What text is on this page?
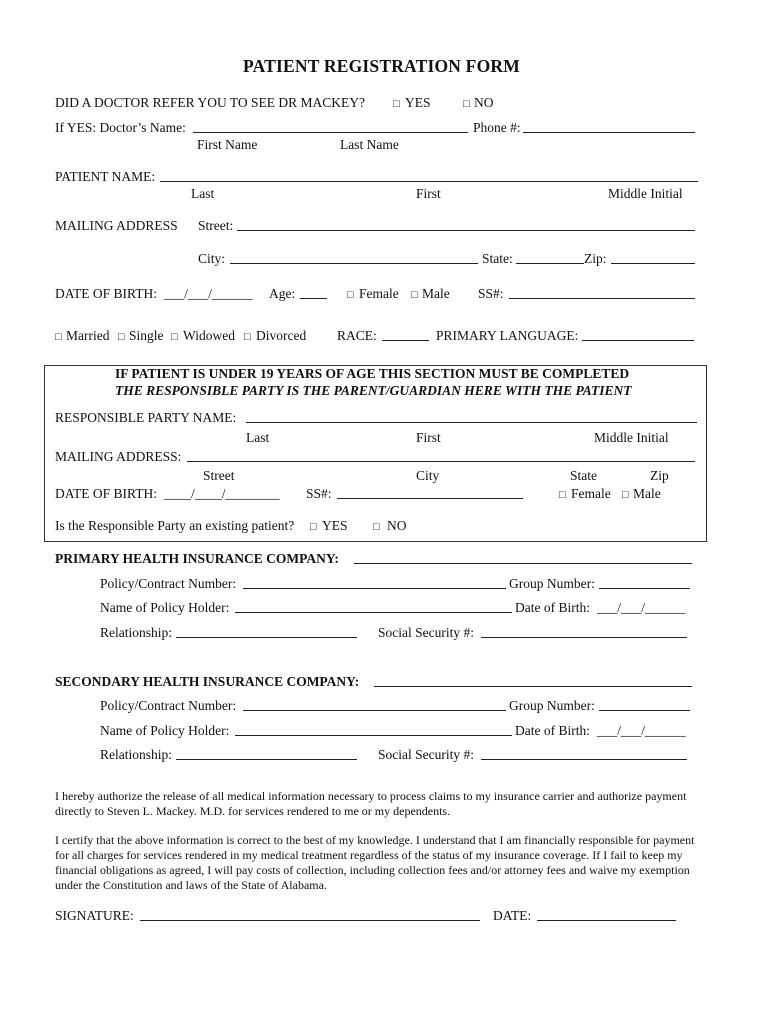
PATIENT REGISTRATION FORM
DID A DOCTOR REFER YOU TO SEE DR MACKEY?	□ YES	□ NO
If YES: Doctor’s Name:	Phone #:
First Name	Last Name
PATIENT NAME:
Last	First	Middle Initial
MAILING ADDRESS Street:
City:	State:	Zip:
DATE OF BIRTH: ___/___/______ Age:	□ Female □ Male SS#:
□ Married □ Single □ Widowed □ Divorced RACE:	PRIMARY LANGUAGE:
IF PATIENT IS UNDER 19 YEARS OF AGE THIS SECTION MUST BE COMPLETED
THE RESPONSIBLE PARTY IS THE PARENT/GUARDIAN HERE WITH THE PATIENT
RESPONSIBLE PARTY NAME:
Last	First	Middle Initial
MAILING ADDRESS:
Street	City	State	Zip
DATE OF BIRTH: ____/____/________ SS#:	□ Female □ Male
Is the Responsible Party an existing patient? □ YES □ NO
PRIMARY HEALTH INSURANCE COMPANY:
Policy/Contract Number:	Group Number:
Name of Policy Holder:	Date of Birth: ___/___/______
Relationship:	Social Security #:
SECONDARY HEALTH INSURANCE COMPANY:
Policy/Contract Number:	Group Number:
Name of Policy Holder:	Date of Birth: ___/___/______
Relationship:	Social Security #:
I hereby authorize the release of all medical information necessary to process claims to my insurance carrier and authorize payment directly to Steven L. Mackey. M.D. for services rendered to me or my dependents.
I certify that the above information is correct to the best of my knowledge. I understand that I am financially responsible for payment for all charges for services rendered in my medical treatment regardless of the status of my insurance coverage. If I fail to keep my financial obligations as agreed, I will pay costs of collection, including collection fees and/or attorney fees and waive my exemption under the Constitution and laws of the State of Alabama.
SIGNATURE:	DATE:
